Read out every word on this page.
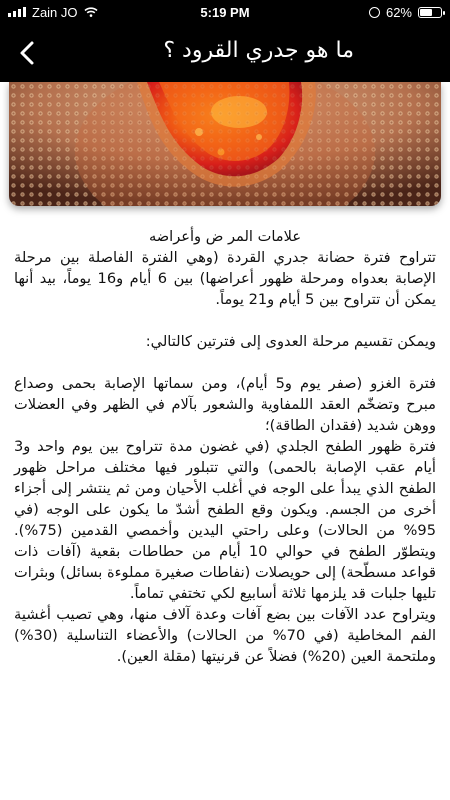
Zain JO	5:19 PM	62%
ما هو جدري القرود ؟

علامات المر ض وأعراضه

تتراوح فترة حضانة جدري القردة (وهي الفترة الفاصلة بين مرحلة الإصابة بعدواه ومرحلة ظهور أعراضها) بين 6 أيام و16 يوماً، بيد أنها يمكن أن تتراوح بين 5 أيام و21 يوماً.

ويمكن تقسيم مرحلة العدوى إلى فترتين كالتالي:

فترة الغزو (صفر يوم و5 أيام)، ومن سماتها الإصابة بحمى وصداع مبرح وتضخّم العقد اللمفاوية والشعور بآلام في الظهر وفي العضلات ووهن شديد (فقدان الطاقة)؛

فترة ظهور الطفح الجلدي (في غضون مدة تتراوح بين يوم واحد و3 أيام عقب الإصابة بالحمى) والتي تتبلور فيها مختلف مراحل ظهور الطفح الذي يبدأ على الوجه في أغلب الأحيان ومن ثم ينتشر إلى أجزاء أخرى من الجسم. ويكون وقع الطفح أشدّ ما يكون على الوجه (في 95% من الحالات) وعلى راحتي اليدين وأخمصي القدمين (75%). ويتطوّر الطفح في حوالي 10 أيام من حطاطات بقعية (آفات ذات قواعد مسطّحة) إلى حويصلات (نفاطات صغيرة مملوءة بسائل) وبثرات تليها جلبات قد يلزمها ثلاثة أسابيع لكي تختفي تماماً.

ويتراوح عدد الآفات بين بضع آفات وعدة آلاف منها، وهي تصيب أغشية الفم المخاطية (في 70% من الحالات) والأعضاء التناسلية (30%) وملتحمة العين (20%) فضلاً عن قرنيتها (مقلة العين).
